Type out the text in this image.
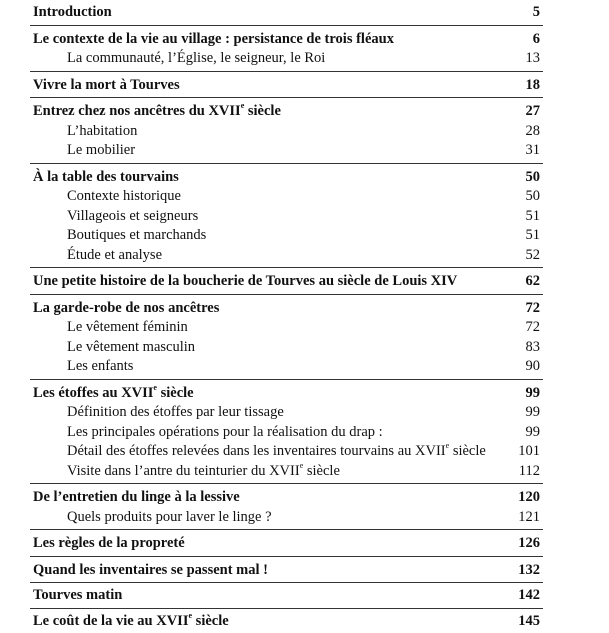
Introduction	5
Le contexte de la vie au village : persistance de trois fléaux	6
La communauté, l’Église, le seigneur, le Roi	13
Vivre la mort à Tourves	18
Entrez chez nos ancêtres du XVIIe siècle	27
L’habitation	28
Le mobilier	31
À la table des tourvains	50
Contexte historique	50
Villageois et seigneurs	51
Boutiques et marchands	51
Étude et analyse	52
Une petite histoire de la boucherie de Tourves au siècle de Louis XIV	62
La garde-robe de nos ancêtres	72
Le vêtement féminin	72
Le vêtement masculin	83
Les enfants	90
Les étoffes au XVIIe siècle	99
Définition des étoffes par leur tissage	99
Les principales opérations pour la réalisation du drap :	99
Détail des étoffes relevées dans les inventaires tourvains au XVIIe siècle 101
Visite dans l’antre du teinturier du XVIIe siècle	112
De l’entretien du linge à la lessive	120
Quels produits pour laver le linge ?	121
Les règles de la propreté	126
Quand les inventaires se passent mal !	132
Tourves matin	142
Le coût de la vie au XVIIe siècle	145
